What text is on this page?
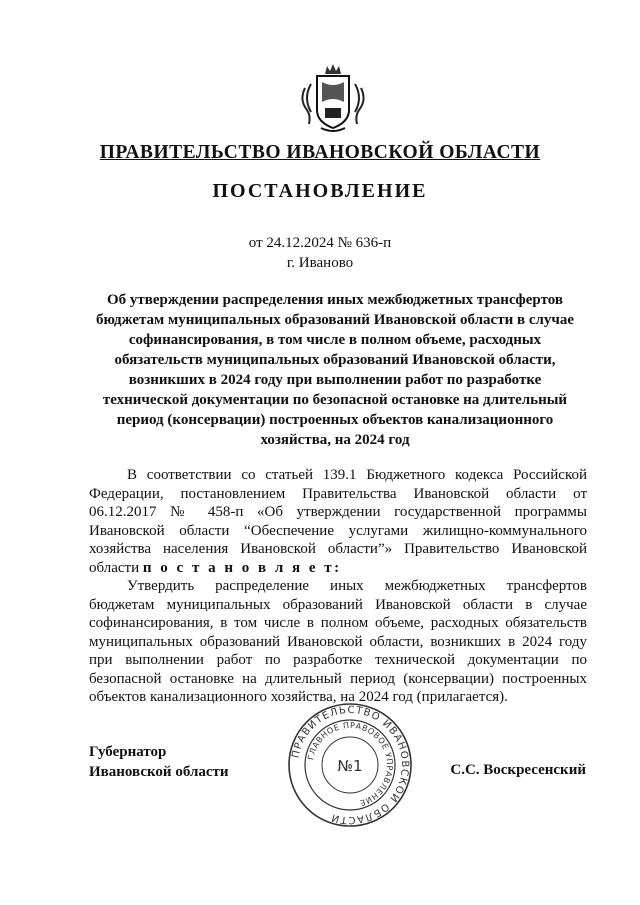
ПРАВИТЕЛЬСТВО ИВАНОВСКОЙ ОБЛАСТИ
ПОСТАНОВЛЕНИЕ
от 24.12.2024 № 636-п
г. Иваново
Об утверждении распределения иных межбюджетных трансфертов бюджетам муниципальных образований Ивановской области в случае софинансирования, в том числе в полном объеме, расходных обязательств муниципальных образований Ивановской области, возникших в 2024 году при выполнении работ по разработке технической документации по безопасной остановке на длительный период (консервации) построенных объектов канализационного хозяйства, на 2024 год

В соответствии со статьей 139.1 Бюджетного кодекса Российской Федерации, постановлением Правительства Ивановской области от 06.12.2017 № 458-п «Об утверждении государственной программы Ивановской области “Обеспечение услугами жилищно-коммунального хозяйства населения Ивановской области”» Правительство Ивановской области п о с т а н о в л я е т:

Утвердить распределение иных межбюджетных трансфертов бюджетам муниципальных образований Ивановской области в случае софинансирования, в том числе в полном объеме, расходных обязательств муниципальных образований Ивановской области, возникших в 2024 году при выполнении работ по разработке технической документации по безопасной остановке на длительный период (консервации) построенных объектов канализационного хозяйства, на 2024 год (прилагается).

Губернатор
Ивановской области	С.С. Воскресенский
ПРАВИТЕЛЬСТВО ИВАНОВСКОЙ ОБЛАСТИ
ГЛАВНОЕ ПРАВОВОЕ УПРАВЛЕНИЕ
№1
